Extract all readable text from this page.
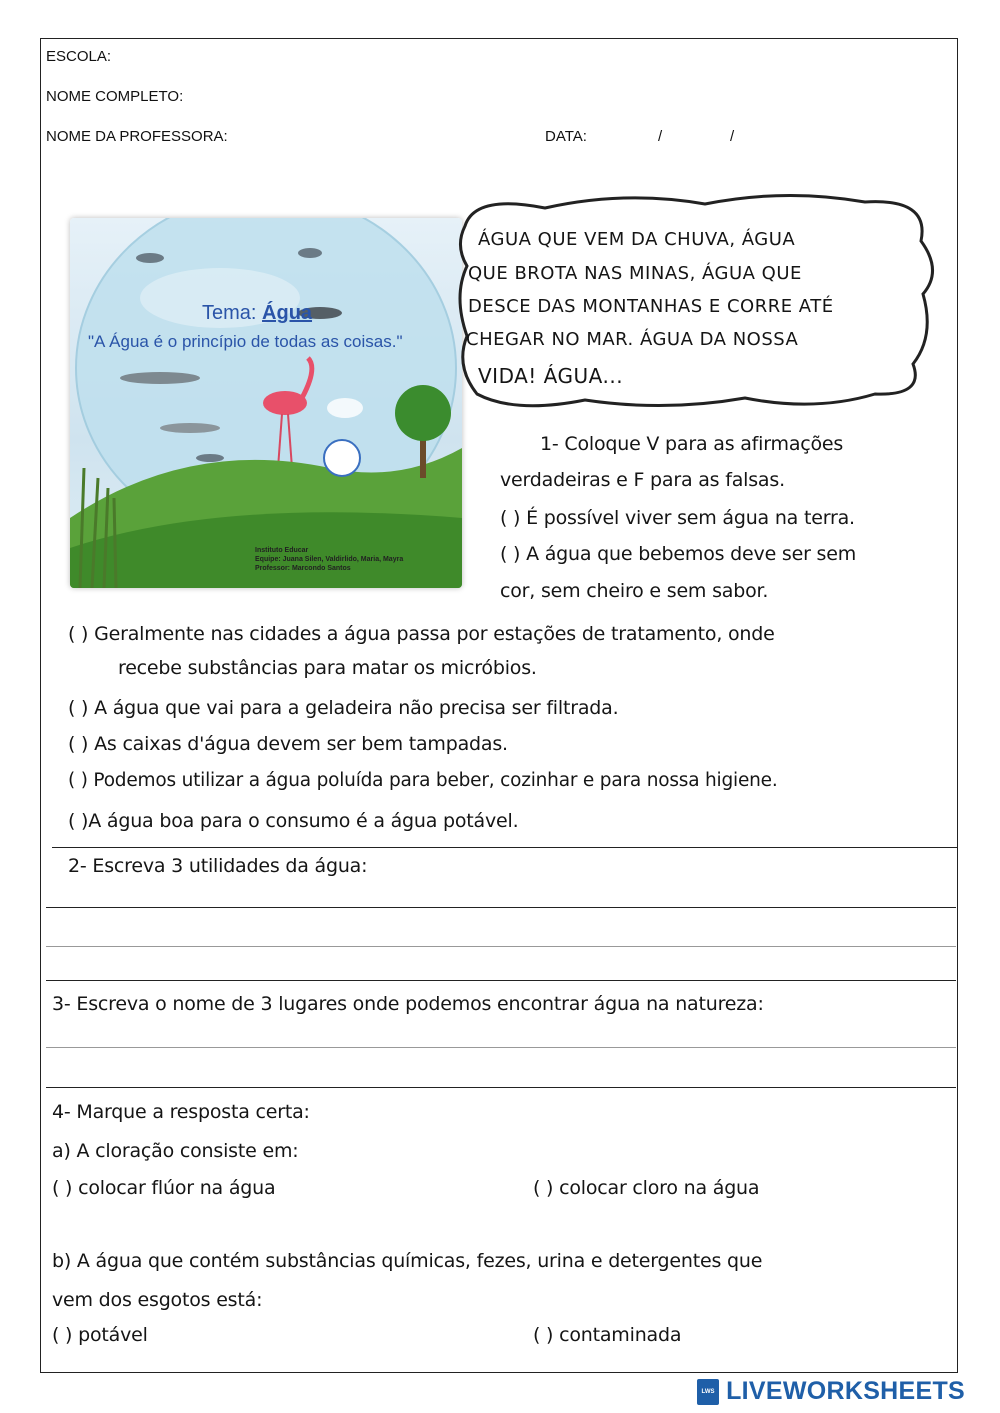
ESCOLA:
NOME COMPLETO:
NOME DA PROFESSORA:	DATA:	/	/
Tema: Água
"A Água é o princípio de todas as coisas."
Instituto Educar
Equipe: Juana Silen, Valdirlido, Maria, Mayra
Professor: Marcondo Santos
ÁGUA QUE VEM DA CHUVA, ÁGUA
QUE BROTA NAS MINAS, ÁGUA QUE
DESCE DAS MONTANHAS E CORRE ATÉ
CHEGAR NO MAR. ÁGUA DA NOSSA
VIDA! ÁGUA...
1- Coloque V para as afirmações
verdadeiras e F para as falsas.
( ) É possível viver sem água na terra.
( ) A água que bebemos deve ser sem
cor, sem cheiro e sem sabor.
( ) Geralmente nas cidades a água passa por estações de tratamento, onde
recebe substâncias para matar os micróbios.
( ) A água que vai para a geladeira não precisa ser filtrada.
( ) As caixas d'água devem ser bem tampadas.
( ) Podemos utilizar a água poluída para beber, cozinhar e para nossa higiene.
( )A água boa para o consumo é a água potável.
2- Escreva 3 utilidades da água:
3- Escreva o nome de 3 lugares onde podemos encontrar água na natureza:
4- Marque a resposta certa:
a) A cloração consiste em:
( ) colocar flúor na água	( ) colocar cloro na água
b) A água que contém substâncias químicas, fezes, urina e detergentes que
vem dos esgotos está:
( ) potável	( ) contaminada
LWS LIVEWORKSHEETS
